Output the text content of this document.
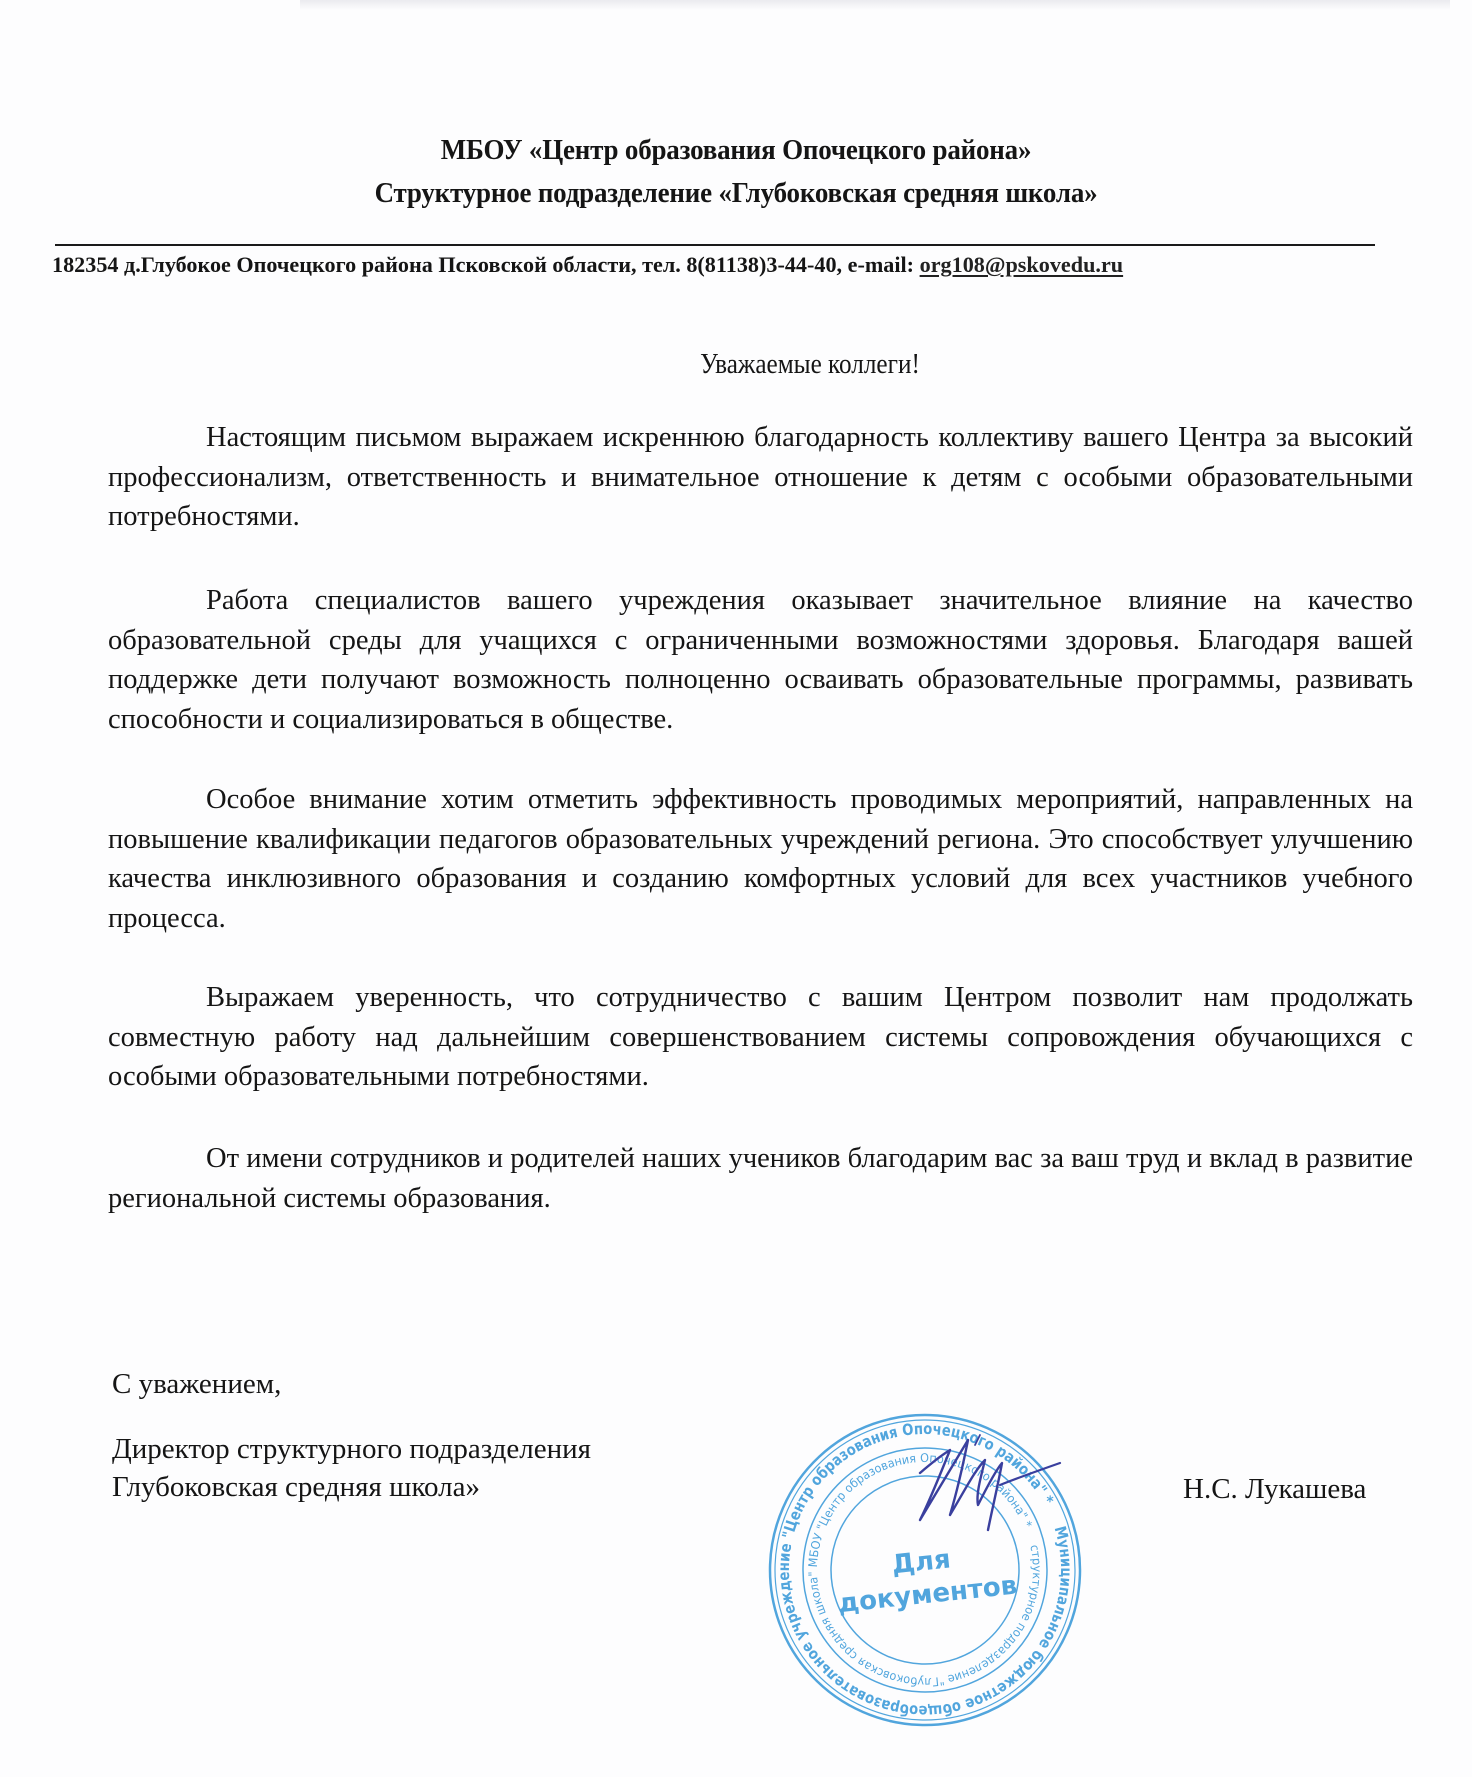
МБОУ «Центр образования Опочецкого района»
Структурное подразделение «Глубоковская средняя школа»
182354 д.Глубокое Опочецкого района Псковской области, тел. 8(81138)3-44-40, e-mail: org108@pskovedu.ru
Уважаемые коллеги!
Настоящим письмом выражаем искреннюю благодарность коллективу вашего Центра за высокий профессионализм, ответственность и внимательное отношение к детям с особыми образовательными потребностями.
Работа специалистов вашего учреждения оказывает значительное влияние на качество образовательной среды для учащихся с ограниченными возможностями здоровья. Благодаря вашей поддержке дети получают возможность полноценно осваивать образовательные программы, развивать способности и социализироваться в обществе.
Особое внимание хотим отметить эффективность проводимых мероприятий, направленных на повышение квалификации педагогов образовательных учреждений региона. Это способствует улучшению качества инклюзивного образования и созданию комфортных условий для всех участников учебного процесса.
Выражаем уверенность, что сотрудничество с вашим Центром позволит нам продолжать совместную работу над дальнейшим совершенствованием системы сопровождения обучающихся с особыми образовательными потребностями.
От имени сотрудников и родителей наших учеников благодарим вас за ваш труд и вклад в развитие региональной системы образования.
С уважением,
Директор структурного подразделения
Глубоковская средняя школа»	Н.С. Лукашева
Муниципальное бюджетное общеобразовательное учреждение "Центр образования Опочецкого района" *
структурное подразделение "Глубоковская средняя школа" МБОУ "Центр образования Опочецкого района" *
Для
документов
